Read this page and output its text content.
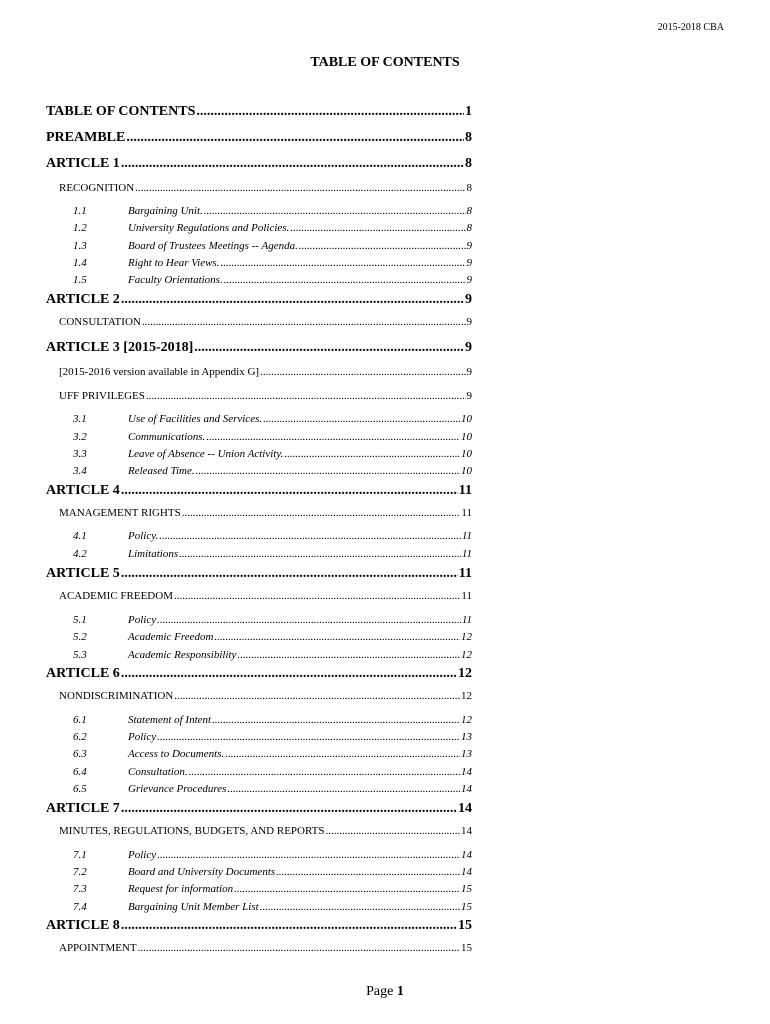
2015-2018 CBA
TABLE OF CONTENTS
TABLE OF CONTENTS .....	1
PREAMBLE .....	8
ARTICLE 1 .....	8
RECOGNITION .....	8
1.1	Bargaining Unit. .....	8
1.2	University Regulations and Policies. .....	8
1.3	Board of Trustees Meetings -- Agenda. .....	9
1.4	Right to Hear Views. .....	9
1.5	Faculty Orientations. .....	9
ARTICLE 2 .....	9
CONSULTATION .....	9
ARTICLE 3 [2015-2018] .....	9
[2015-2016 version available in Appendix G] .....	9
UFF PRIVILEGES .....	9
3.1	Use of Facilities and Services. .....	10
3.2	Communications. .....	10
3.3	Leave of Absence -- Union Activity. .....	10
3.4	Released Time. .....	10
ARTICLE 4 .....	11
MANAGEMENT RIGHTS .....	11
4.1	Policy. .....	11
4.2	Limitations .....	11
ARTICLE 5 .....	11
ACADEMIC FREEDOM .....	11
5.1	Policy .....	11
5.2	Academic Freedom .....	12
5.3	Academic Responsibility .....	12
ARTICLE 6 .....	12
NONDISCRIMINATION .....	12
6.1	Statement of Intent .....	12
6.2	Policy .....	13
6.3	Access to Documents. .....	13
6.4	Consultation. .....	14
6.5	Grievance Procedures .....	14
ARTICLE 7 .....	14
MINUTES, REGULATIONS, BUDGETS, AND REPORTS .....	14
7.1	Policy .....	14
7.2	Board and University Documents .....	14
7.3	Request for information .....	15
7.4	Bargaining Unit Member List .....	15
ARTICLE 8 .....	15
APPOINTMENT .....	15
Page 1
